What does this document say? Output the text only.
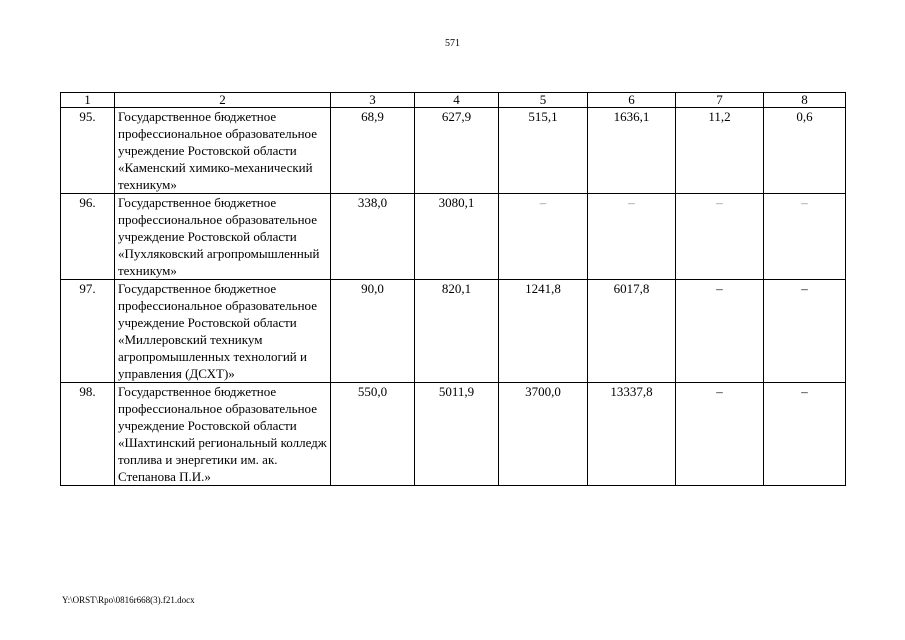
571
1	2	3	4	5	6	7	8
95.	Государственное бюджетное профессиональное образовательное учреждение Ростовской области «Каменский химико-механический техникум»	68,9	627,9	515,1	1636,1	11,2	0,6
96.	Государственное бюджетное профессиональное образовательное учреждение Ростовской области «Пухляковский агропромышленный техникум»	338,0	3080,1	–	–	–	–
97.	Государственное бюджетное профессиональное образовательное учреждение Ростовской области «Миллеровский техникум агропромышленных технологий и управления (ДСХТ)»	90,0	820,1	1241,8	6017,8	–	–
98.	Государственное бюджетное профессиональное образовательное учреждение Ростовской области «Шахтинский региональный колледж топлива и энергетики им. ак. Степанова П.И.»	550,0	5011,9	3700,0	13337,8	–	–
Y:\ORST\Rpo\0816r668(3).f21.docx
